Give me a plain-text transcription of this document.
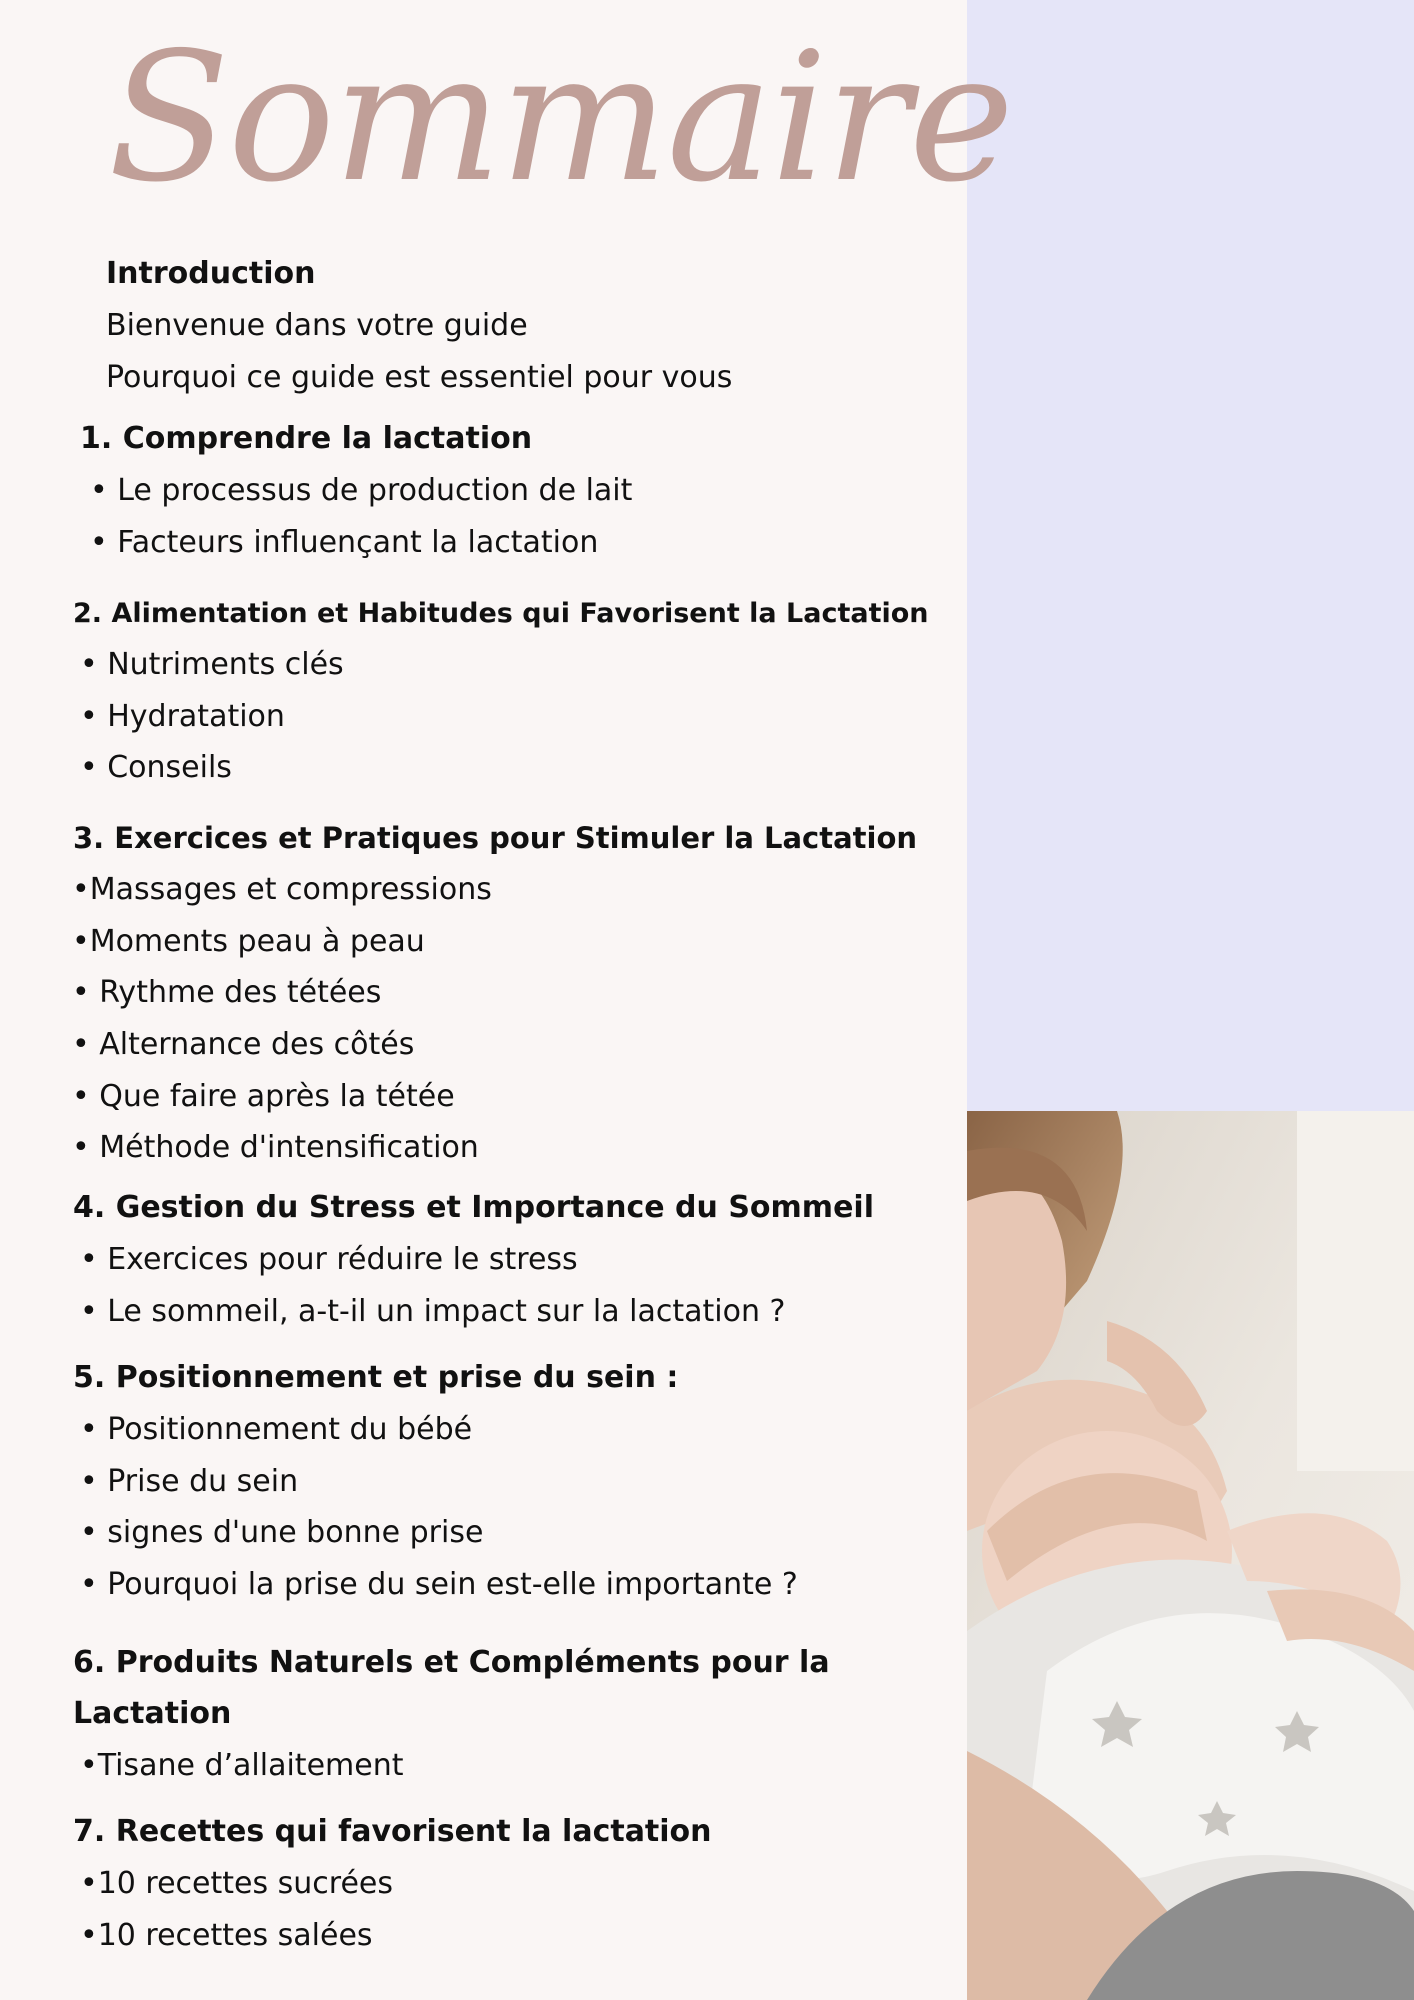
Sommaire
Introduction
Bienvenue dans votre guide
Pourquoi ce guide est essentiel pour vous
1. Comprendre la lactation
• Le processus de production de lait
• Facteurs influençant la lactation
2. Alimentation et Habitudes qui Favorisent la Lactation
• Nutriments clés
• Hydratation
• Conseils
3. Exercices et Pratiques pour Stimuler la Lactation
•Massages et compressions
•Moments peau à peau
• Rythme des tétées
• Alternance des côtés
• Que faire après la tétée
• Méthode d'intensification
4. Gestion du Stress et Importance du Sommeil
• Exercices pour réduire le stress
• Le sommeil, a-t-il un impact sur la lactation ?
5. Positionnement et prise du sein :
• Positionnement du bébé
• Prise du sein
• signes d'une bonne prise
• Pourquoi la prise du sein est-elle importante ?
6. Produits Naturels et Compléments pour la
Lactation
•Tisane d’allaitement
7. Recettes qui favorisent la lactation
•10 recettes sucrées
•10 recettes salées
